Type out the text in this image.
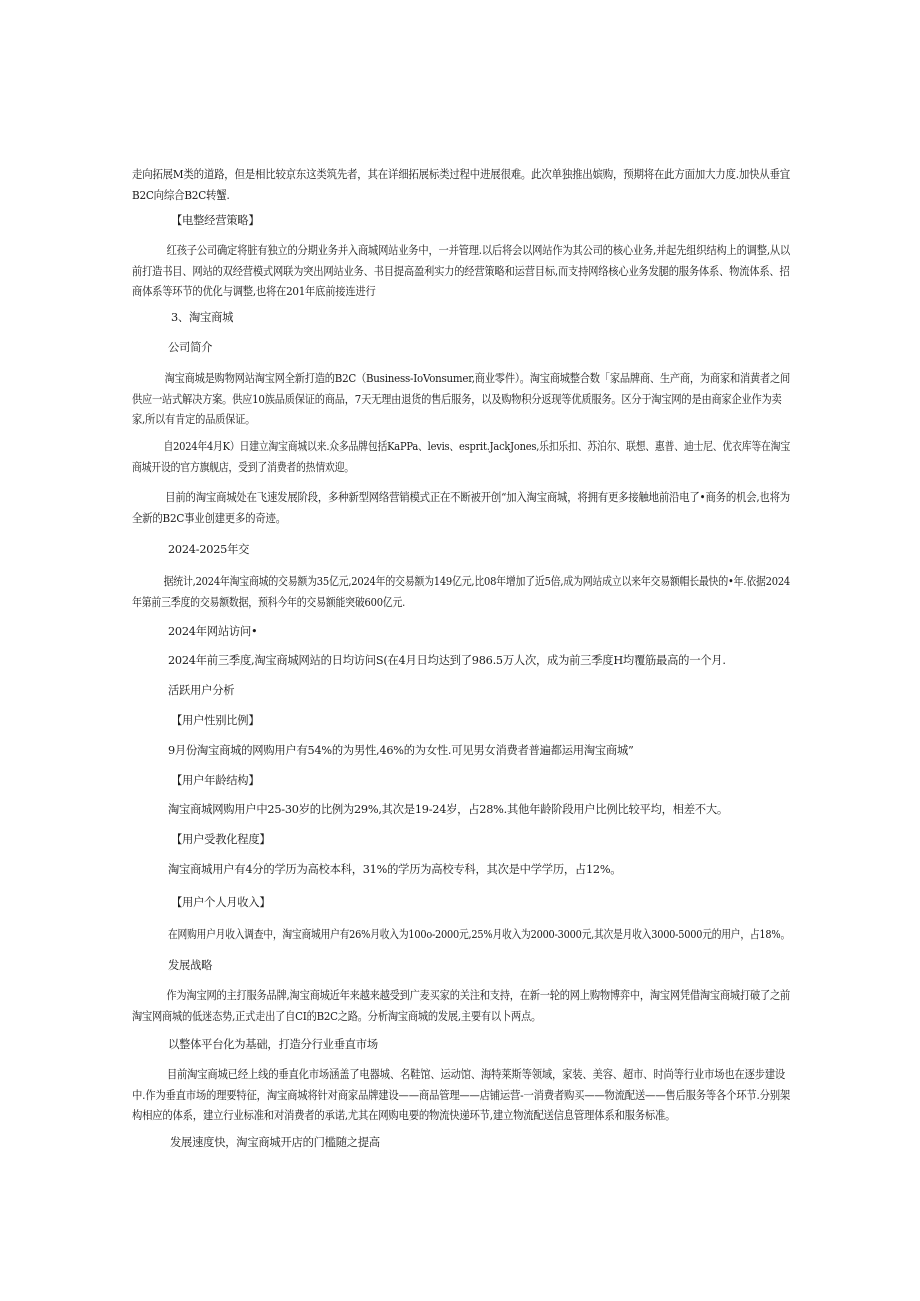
走向拓展M类的道路，但是相比较京东这类筑先者，其在详细拓展标类过程中进展很难。此次单独推出嫔购，预期将在此方面加大力度.加快从垂宜
B2C向综合B2C转蟹.
【电整经营策略】
红孩子公司确定将脏有独立的分期业务并入商城网站业务中，一并管理.以后将会以网站作为其公司的核心业务,并起先组织结构上的调整,从以
前打造书目、网站的双经营模式网联为突出网站业务、书目提高盈利实力的经营策略和运营目标,而支持网络核心业务发腿的服务体系、物流体系、招
商体系等环节的优化与调整,也将在201年底前接连进行
3、淘宝商城
公司简介
淘宝商城是购物网站淘宝网全新打造的B2C（Business-IoVonsumer,商业零件）。淘宝商城整合数「家品牌商、生产商，为商家和消黄者之间
供应一站式解决方案。供应10族品质保证的商品，7天无理由退货的售后服务，以及购物积分返现等优质服务。区分于淘宝网的是由商家企业作为卖
家,所以有肯定的品质保证。
自2024年4月K）日建立淘宝商城以来.众多品牌包括KaPPa、levis、esprit.JackJones,乐扣乐扣、苏泊尔、联想、惠普、迪士尼、优衣库等在淘宝
商城开设的官方旗舰店，受到了消费者的热情欢迎。
目前的淘宝商城处在飞速发展阶段，多种新型网络营销模式正在不断被开创“加入淘宝商城，将拥有更多接触地前沿电了•商务的机会,也将为
全新的B2C事业创建更多的奇迹。
2024-2025年交
据统计,2024年淘宝商城的交易额为35亿元,2024年的交易额为149亿元,比08年增加了近5倍,成为网站成立以来年交易额帽长最快的•年.依据2024
年第前三季度的交易额数据，预科今年的交易额能突破600亿元.
2024年网站访问•
2024年前三季度,淘宝商城网站的日均访问S(在4月日均达到了986.5万人次，成为前三季度H均覆筋最高的一个月.
活跃用户分析
【用户性别比例】
9月份淘宝商城的网购用户有54%的为男性,46%的为女性.可见男女消费者普遍都运用淘宝商城”
【用户年龄结构】
淘宝商城网购用户中25-30岁的比例为29%,其次是19-24岁，占28%.其他年龄阶段用户比例比较平均，相差不大。
【用户受教化程度】
淘宝商城用户有4分的学历为高校本科，31%的学历为高校专科，其次是中学学历，占12%。
【用户个人月收入】
在网购用户月收入调查中，淘宝商城用户有26%月收入为100o-2000元,25%月收入为2000-3000元,其次是月收入3000-5000元的用户，占18%。
发展战略
作为淘宝网的主打服务品牌,淘宝商城近年来越来越受到广麦买家的关注和支持，在新一轮的网上购物博弈中，淘宝网凭借淘宝商城打破了之前
淘宝网商城的低迷态势,正式走出了自CI的B2C之路。分析淘宝商城的发展,主要有以卜两点。
以整体平台化为基础，打造分行业垂直市场
目前淘宝商城已经上线的垂直化市场涵盖了电器城、名鞋馆、运动馆、海特莱斯等领域，家装、美容、超市、时尚等行业市场也在逐步建设
中.作为垂直市场的理要特征，淘宝商城将针对商家品牌建设——商品管理——店铺运营-一消费者购买——物流配送——售后服务等各个环节.分别架
构相应的体系，建立行业标准和对消费者的承诺,尤其在网购电要的物流快递环节,建立物流配送信息管理体系和服务标准。
发展速度快，淘宝商城开店的门槛随之提高
